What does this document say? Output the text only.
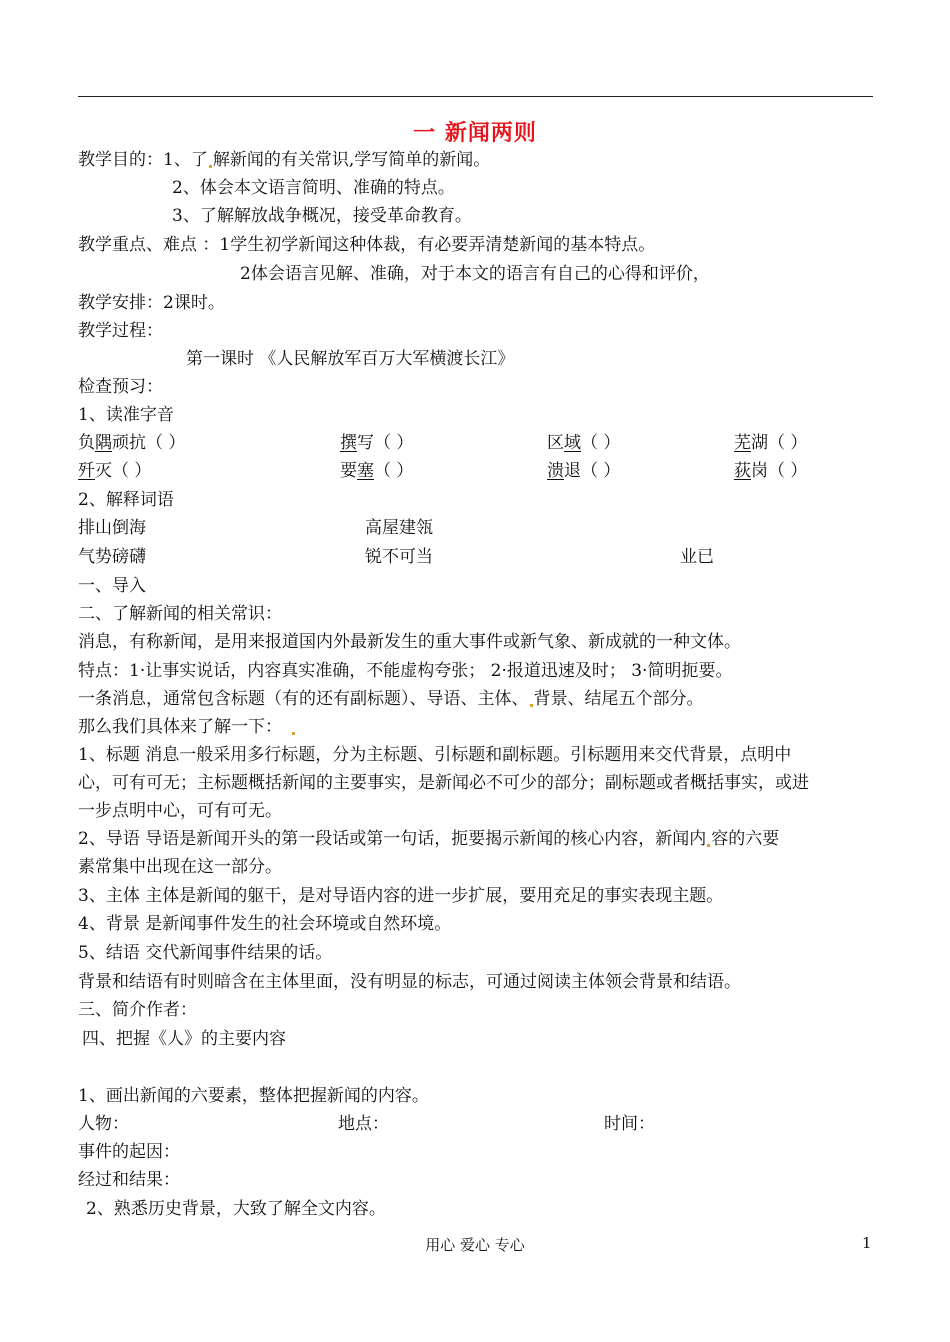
一 新闻两则
教学目的：1、了 解新闻的有关常识,学写简单的新闻。
2、体会本文语言简明、准确的特点。
3、了解解放战争概况，接受革命教育。
教学重点、难点 ：1学生初学新闻这种体裁，有必要弄清楚新闻的基本特点。
2体会语言见解、准确，对于本文的语言有自己的心得和评价，
教学安排：2课时。
教学过程：
第一课时 《人民解放军百万大军横渡长江》
检查预习：
1、读准字音
负隅顽抗（ ）	撰写（ ）	区域（ ）	芜湖（ ）
歼灭（ ）	要塞（ ）	溃退（ ）	荻岗（ ）
2、解释词语
排山倒海	高屋建瓴
气势磅礴	锐不可当	业已
一、导入
二、了解新闻的相关常识：
消息，有称新闻，是用来报道国内外最新发生的重大事件或新气象、新成就的一种文体。
特点：1·让事实说话，内容真实准确，不能虚构夸张； 2·报道迅速及时； 3·简明扼要。
一条消息，通常包含标题（有的还有副标题）、导语、主体、 背景、结尾五个部分。
那么我们具体来了解一下：
1、标题 消息一般采用多行标题，分为主标题、引标题和副标题。引标题用来交代背景，点明中
心，可有可无；主标题概括新闻的主要事实，是新闻必不可少的部分；副标题或者概括事实，或进
一步点明中心，可有可无。
2、导语 导语是新闻开头的第一段话或第一句话，扼要揭示新闻的核心内容，新闻内 容的六要
素常集中出现在这一部分。
3、主体 主体是新闻的躯干，是对导语内容的进一步扩展，要用充足的事实表现主题。
4、背景 是新闻事件发生的社会环境或自然环境。
5、结语 交代新闻事件结果的话。
背景和结语有时则暗含在主体里面，没有明显的标志，可通过阅读主体领会背景和结语。
三、简介作者：
四、把握《人》的主要内容
1、画出新闻的六要素，整体把握新闻的内容。
人物：	地点：	时间：
事件的起因：
经过和结果：
2、熟悉历史背景，大致了解全文内容。
用心 爱心 专心	1
